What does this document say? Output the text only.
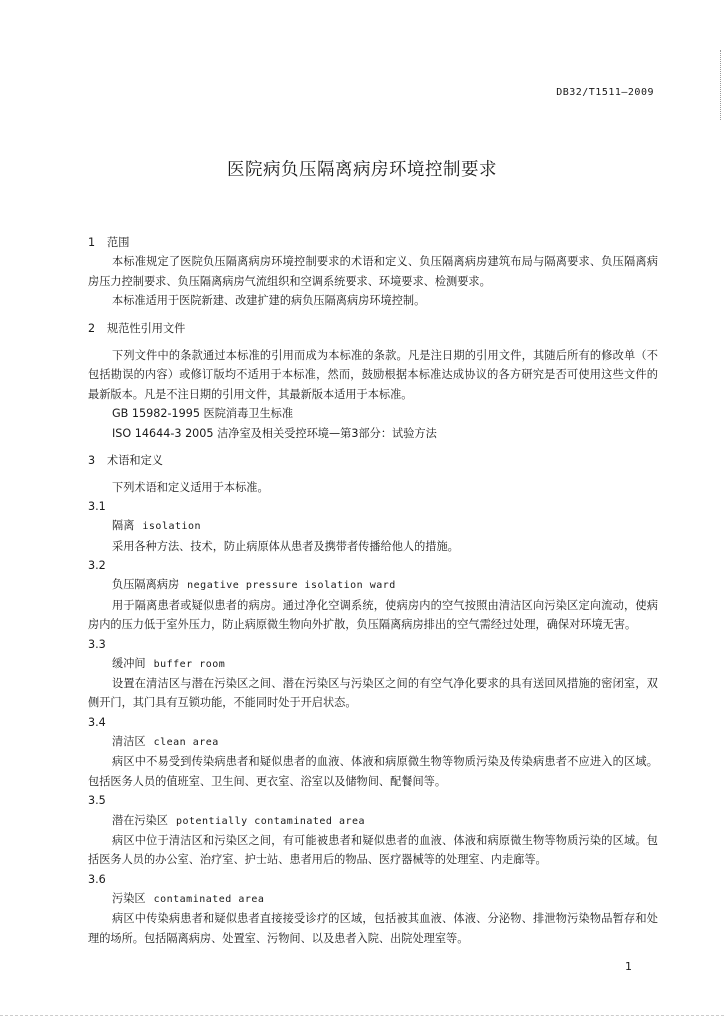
DB32/T1511—2009
医院病负压隔离病房环境控制要求
1 范围
本标准规定了医院负压隔离病房环境控制要求的术语和定义、负压隔离病房建筑布局与隔离要求、负压隔离病房压力控制要求、负压隔离病房气流组织和空调系统要求、环境要求、检测要求。
本标准适用于医院新建、改建扩建的病负压隔离病房环境控制。
2 规范性引用文件
下列文件中的条款通过本标准的引用而成为本标准的条款。凡是注日期的引用文件，其随后所有的修改单（不包括勘误的内容）或修订版均不适用于本标准，然而，鼓励根据本标准达成协议的各方研究是否可使用这些文件的最新版本。凡是不注日期的引用文件，其最新版本适用于本标准。
GB 15982-1995 医院消毒卫生标准
ISO 14644-3 2005 洁净室及相关受控环境—第3部分：试验方法
3 术语和定义
下列术语和定义适用于本标准。
3.1
隔离 isolation
采用各种方法、技术，防止病原体从患者及携带者传播给他人的措施。
3.2
负压隔离病房 negative pressure isolation ward
用于隔离患者或疑似患者的病房。通过净化空调系统，使病房内的空气按照由清洁区向污染区定向流动，使病房内的压力低于室外压力，防止病原微生物向外扩散，负压隔离病房排出的空气需经过处理，确保对环境无害。
3.3
缓冲间 buffer room
设置在清洁区与潜在污染区之间、潜在污染区与污染区之间的有空气净化要求的具有送回风措施的密闭室，双侧开门，其门具有互锁功能，不能同时处于开启状态。
3.4
清洁区 clean area
病区中不易受到传染病患者和疑似患者的血液、体液和病原微生物等物质污染及传染病患者不应进入的区域。包括医务人员的值班室、卫生间、更衣室、浴室以及储物间、配餐间等。
3.5
潜在污染区 potentially contaminated area
病区中位于清洁区和污染区之间，有可能被患者和疑似患者的血液、体液和病原微生物等物质污染的区域。包括医务人员的办公室、治疗室、护士站、患者用后的物品、医疗器械等的处理室、内走廊等。
3.6
污染区 contaminated area
病区中传染病患者和疑似患者直接接受诊疗的区域，包括被其血液、体液、分泌物、排泄物污染物品暂存和处理的场所。包括隔离病房、处置室、污物间、以及患者入院、出院处理室等。
1
